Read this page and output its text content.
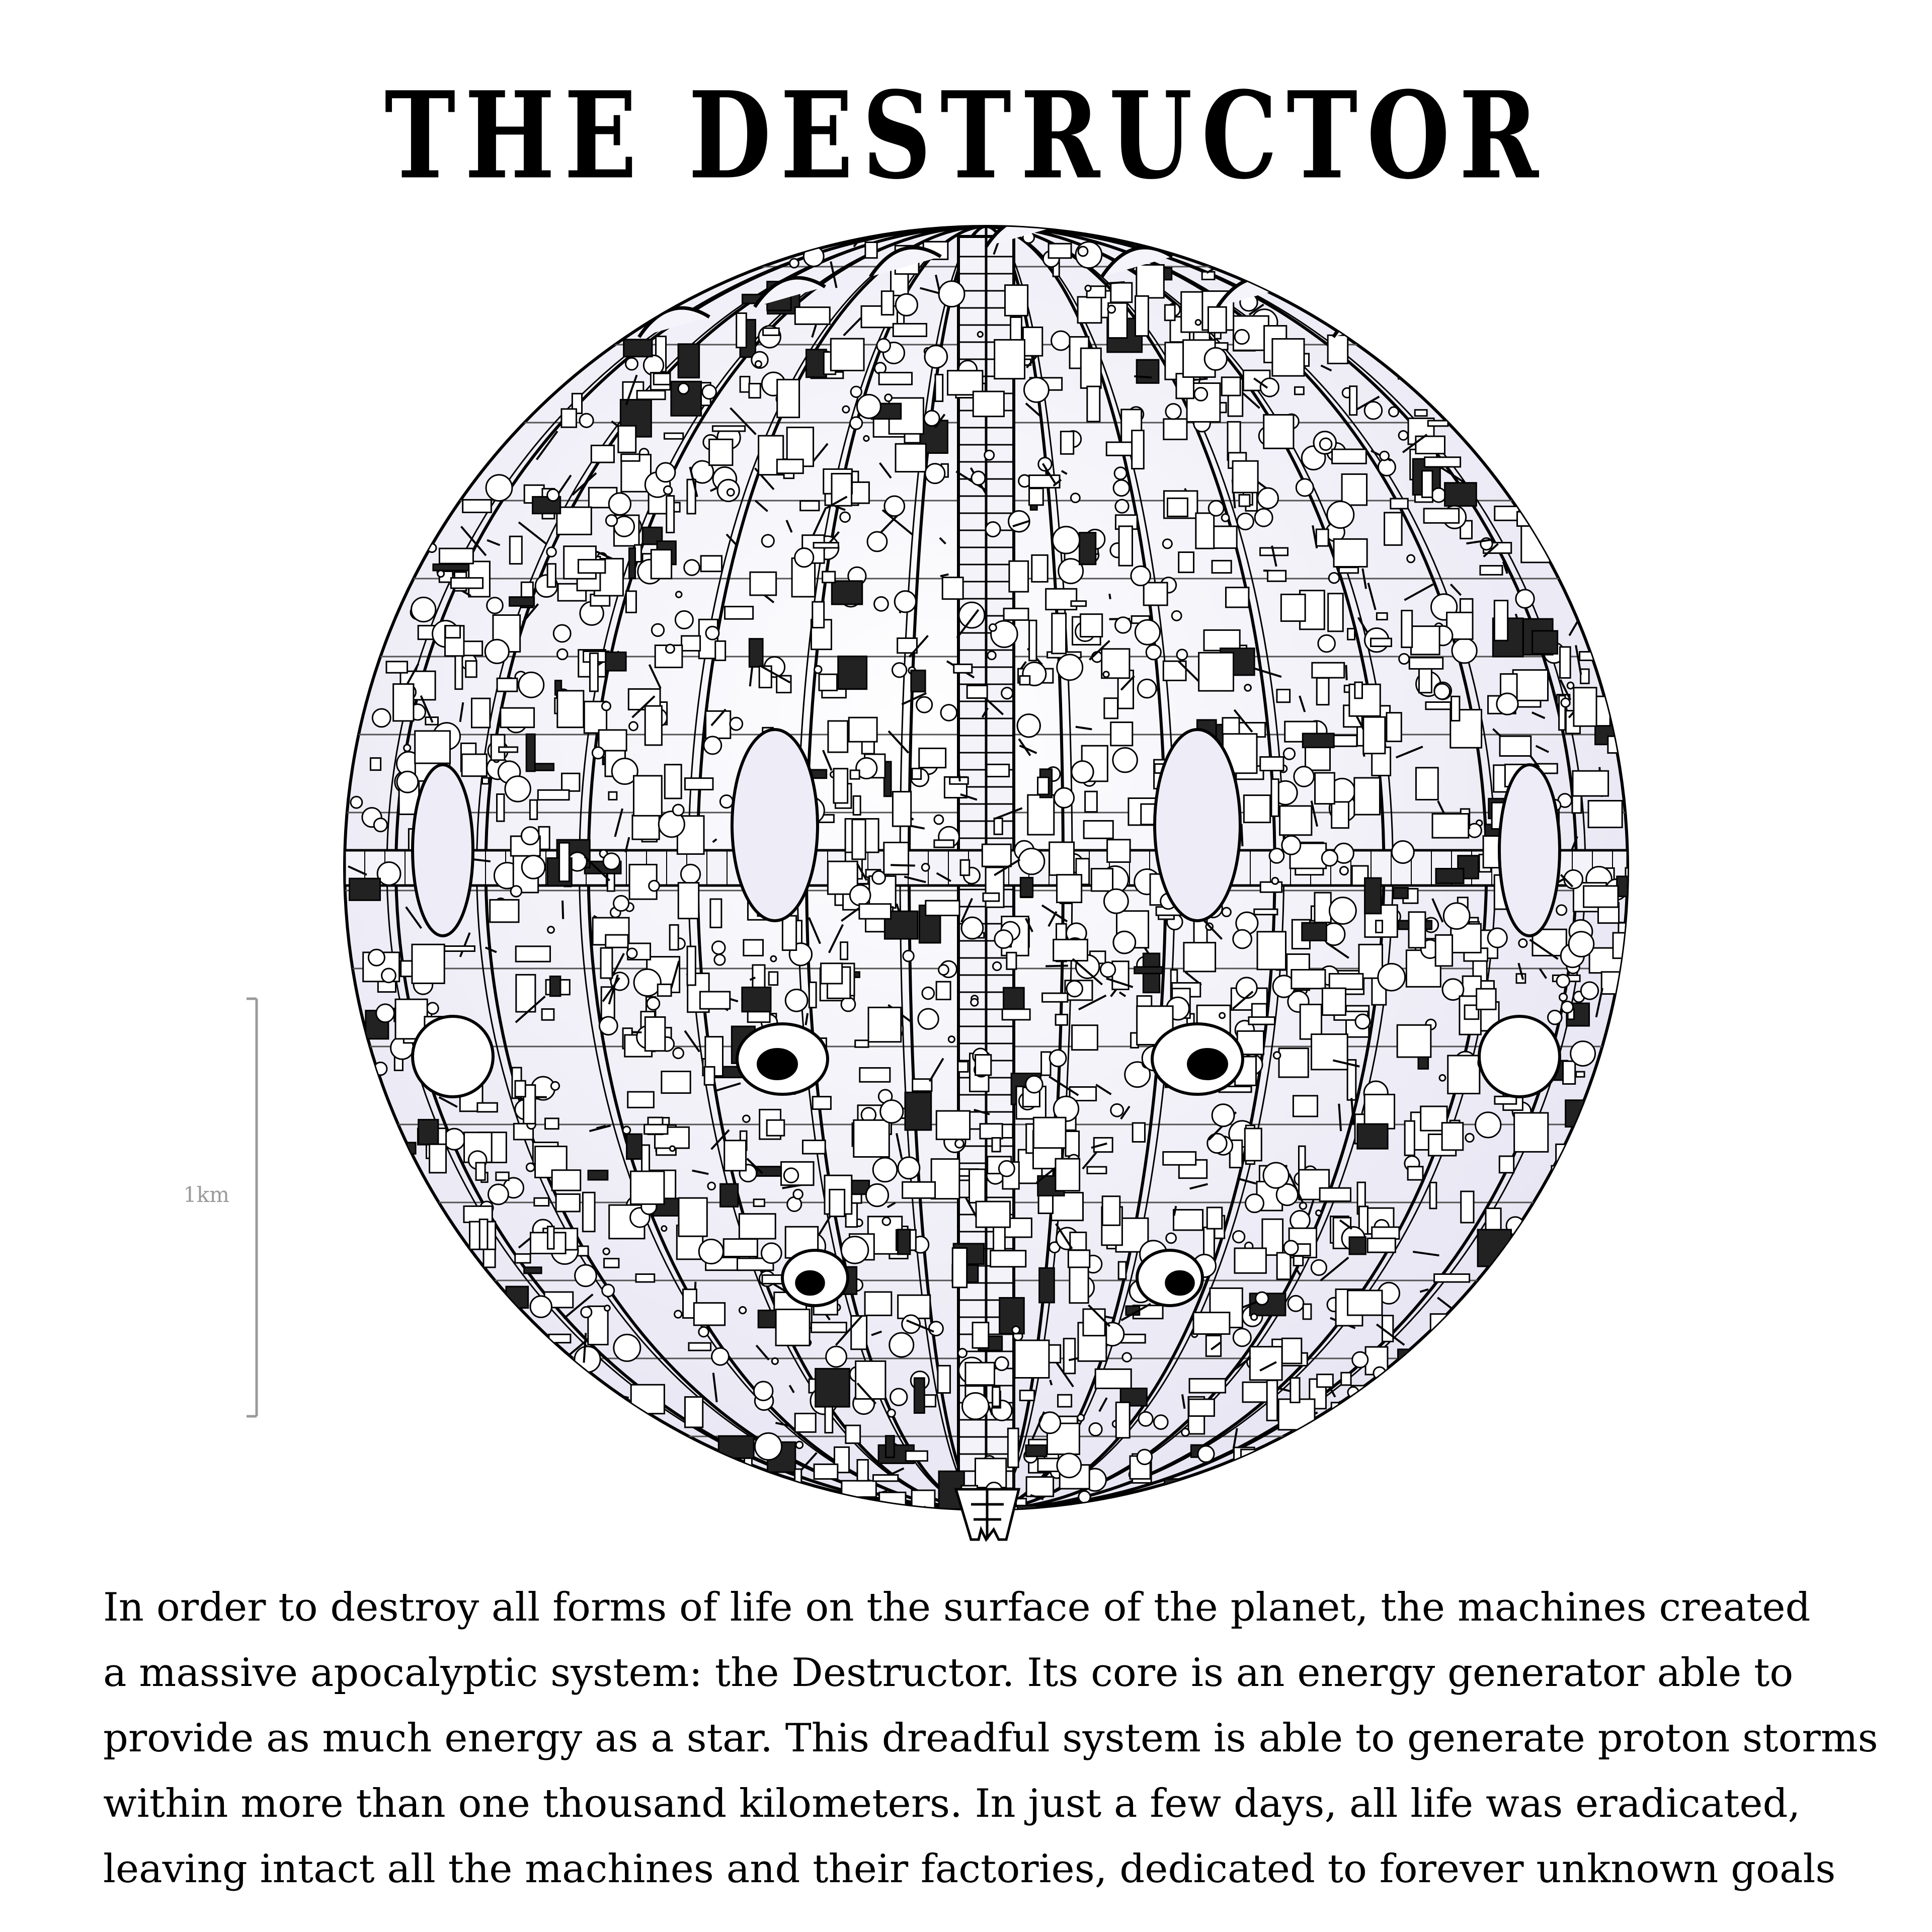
THE DESTRUCTOR
1km
In order to destroy all forms of life on the surface of the planet, the machines created
a massive apocalyptic system: the Destructor. Its core is an energy generator able to
provide as much energy as a star. This dreadful system is able to generate proton storms
within more than one thousand kilometers. In just a few days, all life was eradicated,
leaving intact all the machines and their factories, dedicated to forever unknown goals
